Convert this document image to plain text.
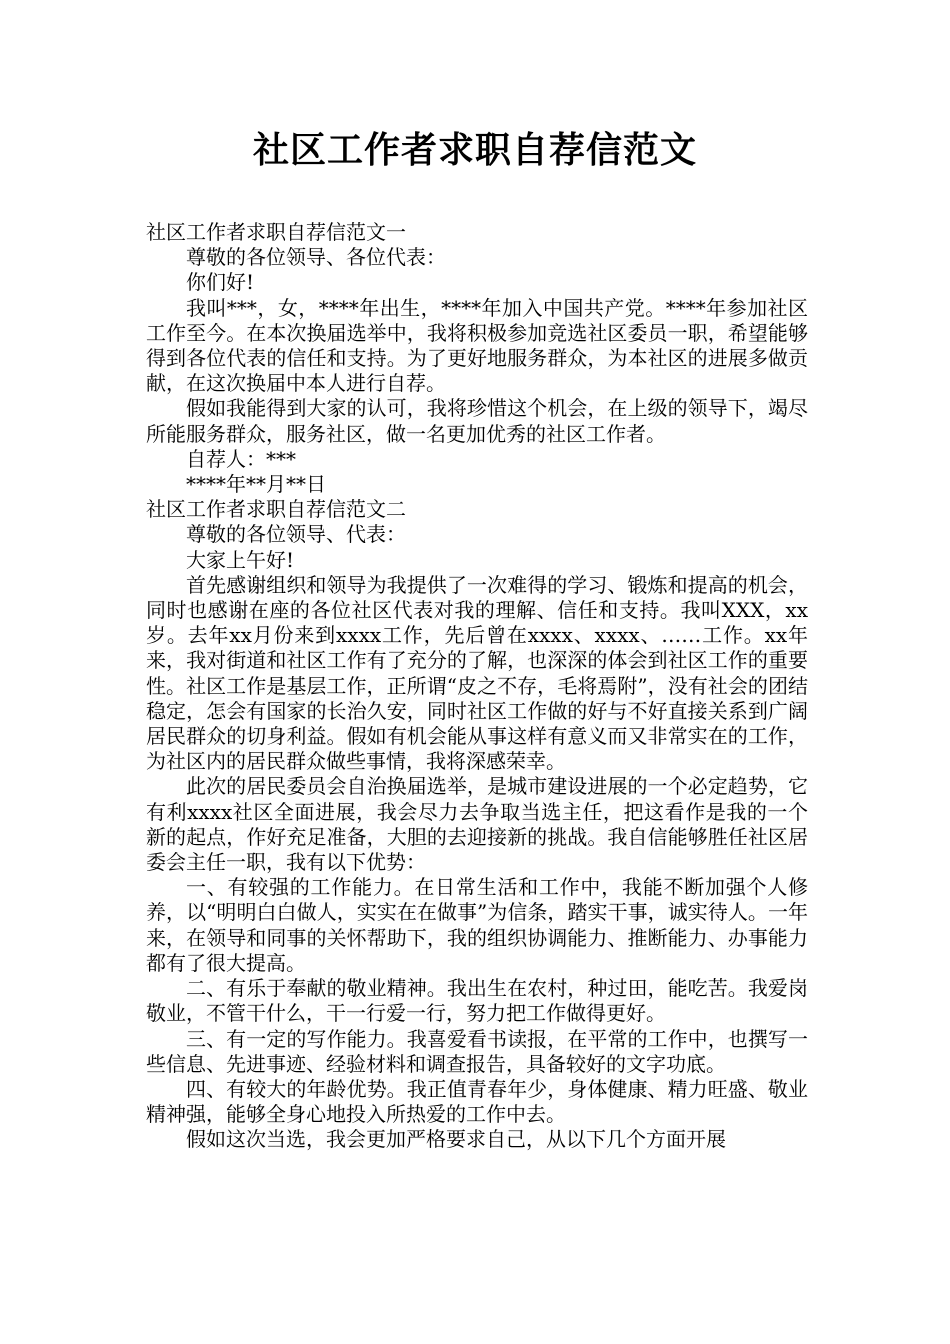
社区工作者求职自荐信范文

社区工作者求职自荐信范文一

尊敬的各位领导、各位代表：

你们好!

我叫***，女，****年出生，****年加入中国共产党。****年参加社区工作至今。在本次换届选举中，我将积极参加竞选社区委员一职，希望能够得到各位代表的信任和支持。为了更好地服务群众，为本社区的进展多做贡献，在这次换届中本人进行自荐。

假如我能得到大家的认可，我将珍惜这个机会，在上级的领导下，竭尽所能服务群众，服务社区，做一名更加优秀的社区工作者。

自荐人：***

****年**月**日

社区工作者求职自荐信范文二

尊敬的各位领导、代表：

大家上午好!

首先感谢组织和领导为我提供了一次难得的学习、锻炼和提高的机会，同时也感谢在座的各位社区代表对我的理解、信任和支持。我叫XXX，xx岁。去年xx月份来到xxxx工作，先后曾在xxxx、xxxx、……工作。xx年来，我对街道和社区工作有了充分的了解，也深深的体会到社区工作的重要性。社区工作是基层工作，正所谓“皮之不存，毛将焉附”，没有社会的团结稳定，怎会有国家的长治久安，同时社区工作做的好与不好直接关系到广阔居民群众的切身利益。假如有机会能从事这样有意义而又非常实在的工作，为社区内的居民群众做些事情，我将深感荣幸。

此次的居民委员会自治换届选举，是城市建设进展的一个必定趋势，它有利xxxx社区全面进展，我会尽力去争取当选主任，把这看作是我的一个新的起点，作好充足准备，大胆的去迎接新的挑战。我自信能够胜任社区居委会主任一职，我有以下优势：

一、有较强的工作能力。在日常生活和工作中，我能不断加强个人修养，以“明明白白做人，实实在在做事”为信条，踏实干事，诚实待人。一年来，在领导和同事的关怀帮助下，我的组织协调能力、推断能力、办事能力都有了很大提高。

二、有乐于奉献的敬业精神。我出生在农村，种过田，能吃苦。我爱岗敬业，不管干什么，干一行爱一行，努力把工作做得更好。

三、有一定的写作能力。我喜爱看书读报，在平常的工作中，也撰写一些信息、先进事迹、经验材料和调查报告，具备较好的文字功底。

四、有较大的年龄优势。我正值青春年少，身体健康、精力旺盛、敬业精神强，能够全身心地投入所热爱的工作中去。

假如这次当选，我会更加严格要求自己，从以下几个方面开展
